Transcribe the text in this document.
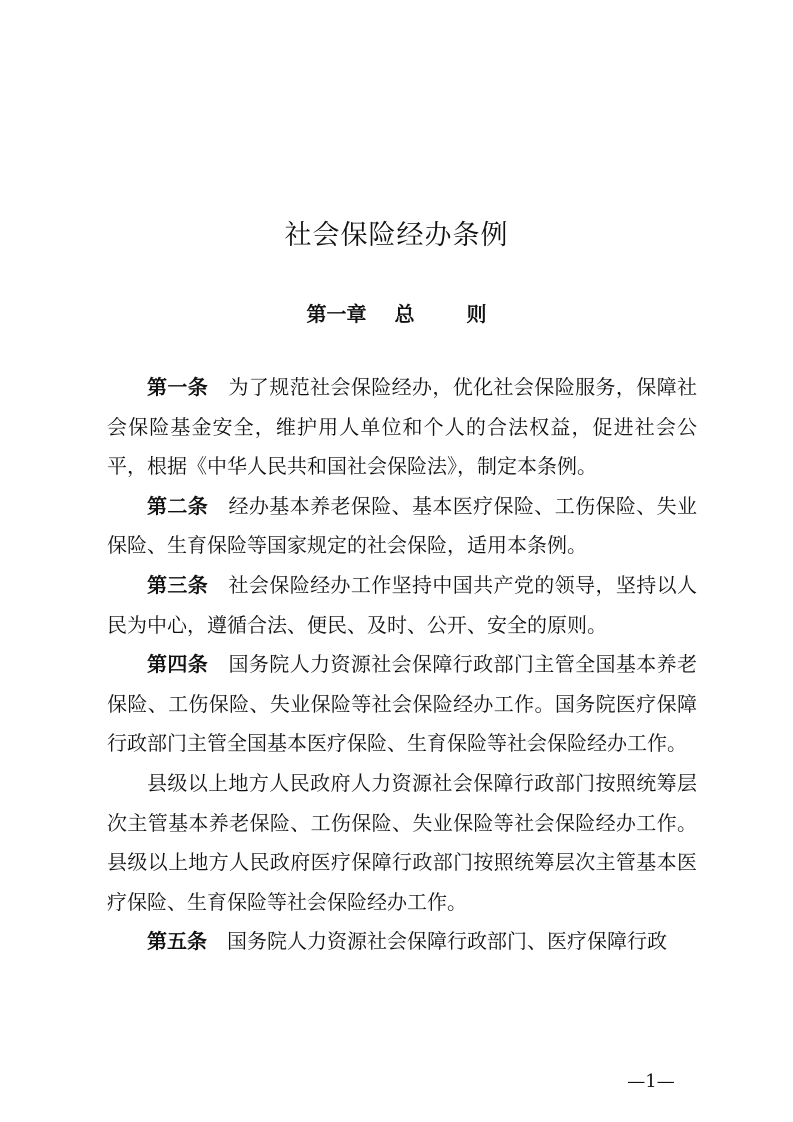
社会保险经办条例
第一章 总	则

第一条 为了规范社会保险经办，优化社会保险服务，保障社会保险基金安全，维护用人单位和个人的合法权益，促进社会公平，根据《中华人民共和国社会保险法》，制定本条例。

第二条 经办基本养老保险、基本医疗保险、工伤保险、失业保险、生育保险等国家规定的社会保险，适用本条例。

第三条 社会保险经办工作坚持中国共产党的领导，坚持以人民为中心，遵循合法、便民、及时、公开、安全的原则。

第四条 国务院人力资源社会保障行政部门主管全国基本养老保险、工伤保险、失业保险等社会保险经办工作。国务院医疗保障行政部门主管全国基本医疗保险、生育保险等社会保险经办工作。

县级以上地方人民政府人力资源社会保障行政部门按照统筹层次主管基本养老保险、工伤保险、失业保险等社会保险经办工作。县级以上地方人民政府医疗保障行政部门按照统筹层次主管基本医疗保险、生育保险等社会保险经办工作。

第五条 国务院人力资源社会保障行政部门、医疗保障行政

—1—
